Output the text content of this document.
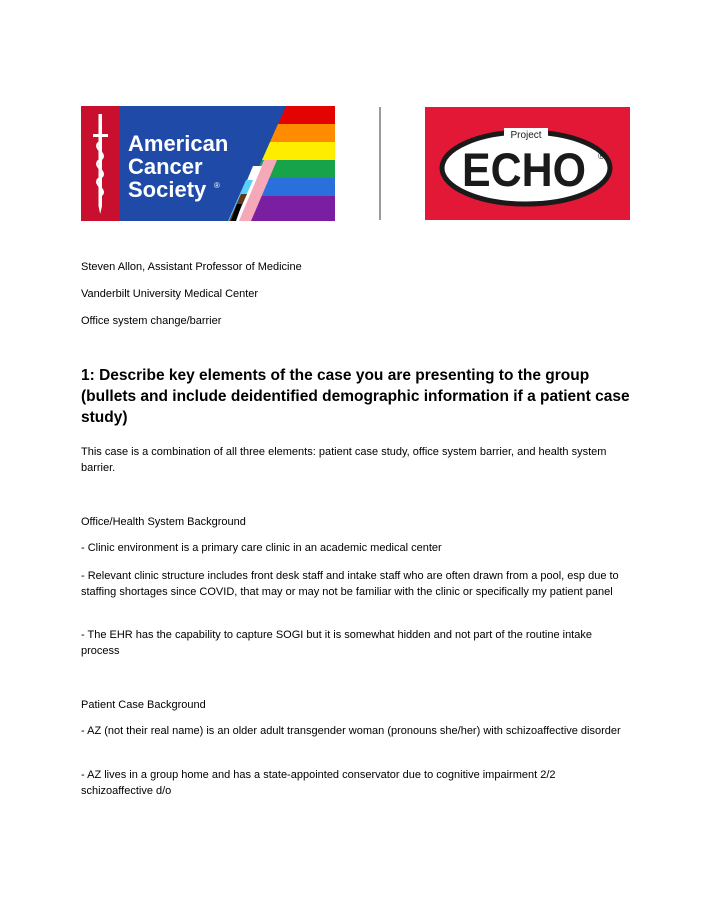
American
Cancer
Society ®
Project
ECHO ®
Steven Allon, Assistant Professor of Medicine
Vanderbilt University Medical Center
Office system change/barrier
1: Describe key elements of the case you are presenting to the group (bullets and include deidentified demographic information if a patient case study)
This case is a combination of all three elements: patient case study, office system barrier, and health system barrier.
Office/Health System Background
- Clinic environment is a primary care clinic in an academic medical center
- Relevant clinic structure includes front desk staff and intake staff who are often drawn from a pool, esp due to staffing shortages since COVID, that may or may not be familiar with the clinic or specifically my patient panel
- The EHR has the capability to capture SOGI but it is somewhat hidden and not part of the routine intake process
Patient Case Background
- AZ (not their real name) is an older adult transgender woman (pronouns she/her) with schizoaffective disorder
- AZ lives in a group home and has a state-appointed conservator due to cognitive impairment 2/2 schizoaffective d/o
